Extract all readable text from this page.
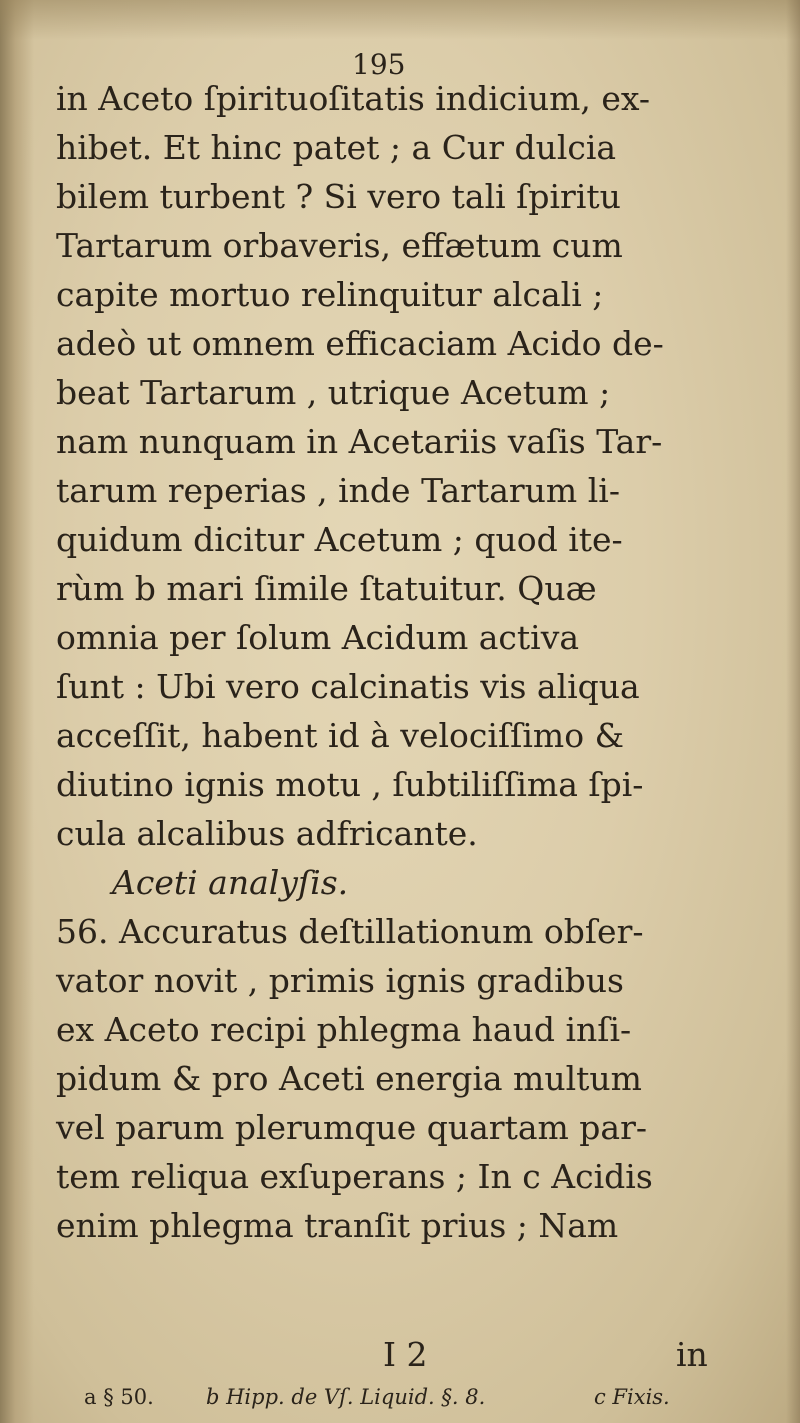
195
in Aceto ſpirituoſitatis indicium, ex-
hibet. Et hinc patet ; a Cur dulcia
bilem turbent ? Si vero tali ſpiritu
Tartarum orbaveris, effætum cum
capite mortuo relinquitur alcali ;
adeò ut omnem efficaciam Acido de-
beat Tartarum , utrique Acetum ;
nam nunquam in Acetariis vaſis Tar-
tarum reperias , inde Tartarum li-
quidum dicitur Acetum ; quod ite-
rùm b mari ſimile ſtatuitur. Quæ
omnia per ſolum Acidum activa
ſunt : Ubi vero calcinatis vis aliqua
acceſſit, habent id à velociſſimo &
diutino ignis motu , ſubtiliſſima ſpi-
cula alcalibus adfricante.
Aceti analyſis.
56. Accuratus deſtillationum obſer-
vator novit , primis ignis gradibus
ex Aceto recipi phlegma haud inſi-
pidum & pro Aceti energia multum
vel parum plerumque quartam par-
tem reliqua exſuperans ; In c Acidis
enim phlegma tranſit prius ; Nam
I 2	in
a § 50. b Hipp. de Vſ. Liquid. §. 8.	c Fixis.
